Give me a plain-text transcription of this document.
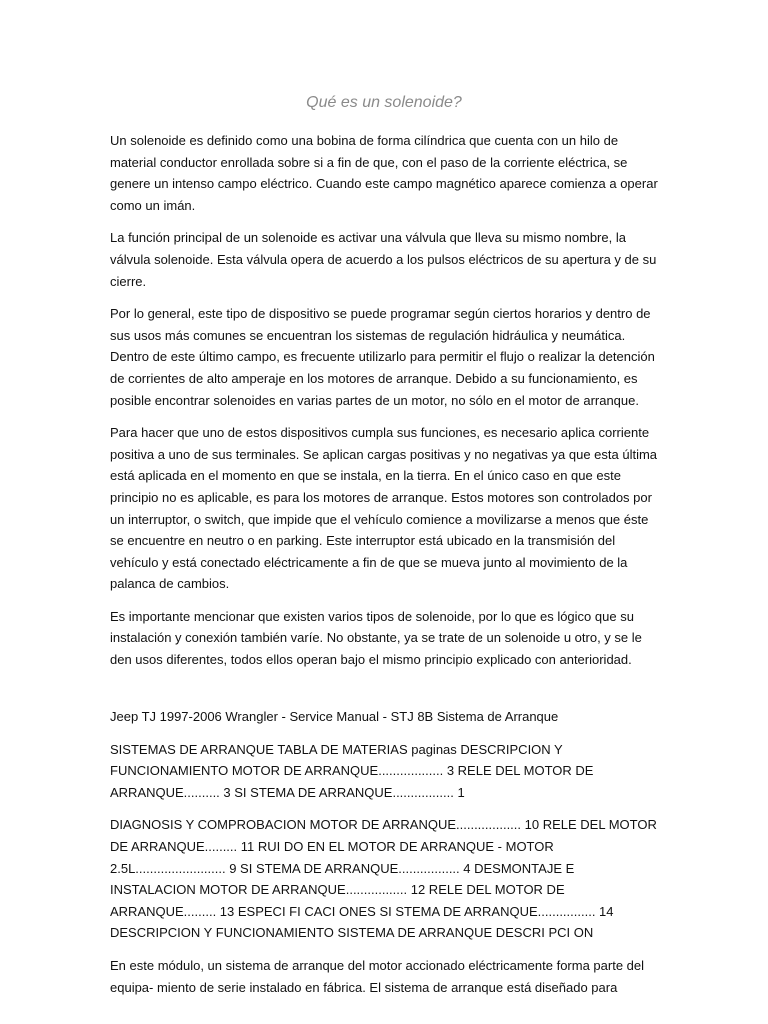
Qué es un solenoide?

Un solenoide es definido como una bobina de forma cilíndrica que cuenta con un hilo de material conductor enrollada sobre si a fin de que, con el paso de la corriente eléctrica, se genere un intenso campo eléctrico. Cuando este campo magnético aparece comienza a operar como un imán.

La función principal de un solenoide es activar una válvula que lleva su mismo nombre, la válvula solenoide. Esta válvula opera de acuerdo a los pulsos eléctricos de su apertura y de su cierre.

Por lo general, este tipo de dispositivo se puede programar según ciertos horarios y dentro de sus usos más comunes se encuentran los sistemas de regulación hidráulica y neumática. Dentro de este último campo, es frecuente utilizarlo para permitir el flujo o realizar la detención de corrientes de alto amperaje en los motores de arranque. Debido a su funcionamiento, es posible encontrar solenoides en varias partes de un motor, no sólo en el motor de arranque.

Para hacer que uno de estos dispositivos cumpla sus funciones, es necesario aplica corriente positiva a uno de sus terminales. Se aplican cargas positivas y no negativas ya que esta última está aplicada en el momento en que se instala, en la tierra. En el único caso en que este principio no es aplicable, es para los motores de arranque. Estos motores son controlados por un interruptor, o switch, que impide que el vehículo comience a movilizarse a menos que éste se encuentre en neutro o en parking. Este interruptor está ubicado en la transmisión del vehículo y está conectado eléctricamente a fin de que se mueva junto al movimiento de la palanca de cambios.

Es importante mencionar que existen varios tipos de solenoide, por lo que es lógico que su instalación y conexión también varíe. No obstante, ya se trate de un solenoide u otro, y se le den usos diferentes, todos ellos operan bajo el mismo principio explicado con anterioridad.

Jeep TJ 1997-2006 Wrangler - Service Manual - STJ 8B Sistema de Arranque

SISTEMAS DE ARRANQUE TABLA DE MATERIAS paginas DESCRIPCION Y FUNCIONAMIENTO MOTOR DE ARRANQUE.................. 3 RELE DEL MOTOR DE ARRANQUE.......... 3 SI STEMA DE ARRANQUE................. 1

DIAGNOSIS Y COMPROBACION MOTOR DE ARRANQUE.................. 10 RELE DEL MOTOR DE ARRANQUE......... 11 RUI DO EN EL MOTOR DE ARRANQUE - MOTOR 2.5L......................... 9 SI STEMA DE ARRANQUE................. 4 DESMONTAJE E INSTALACION MOTOR DE ARRANQUE................. 12 RELE DEL MOTOR DE ARRANQUE......... 13 ESPECI FI CACI ONES SI STEMA DE ARRANQUE................ 14 DESCRIPCION Y FUNCIONAMIENTO SISTEMA DE ARRANQUE DESCRI PCI ON

En este módulo, un sistema de arranque del motor accionado eléctricamente forma parte del equipa- miento de serie instalado en fábrica. El sistema de arranque está diseñado para
